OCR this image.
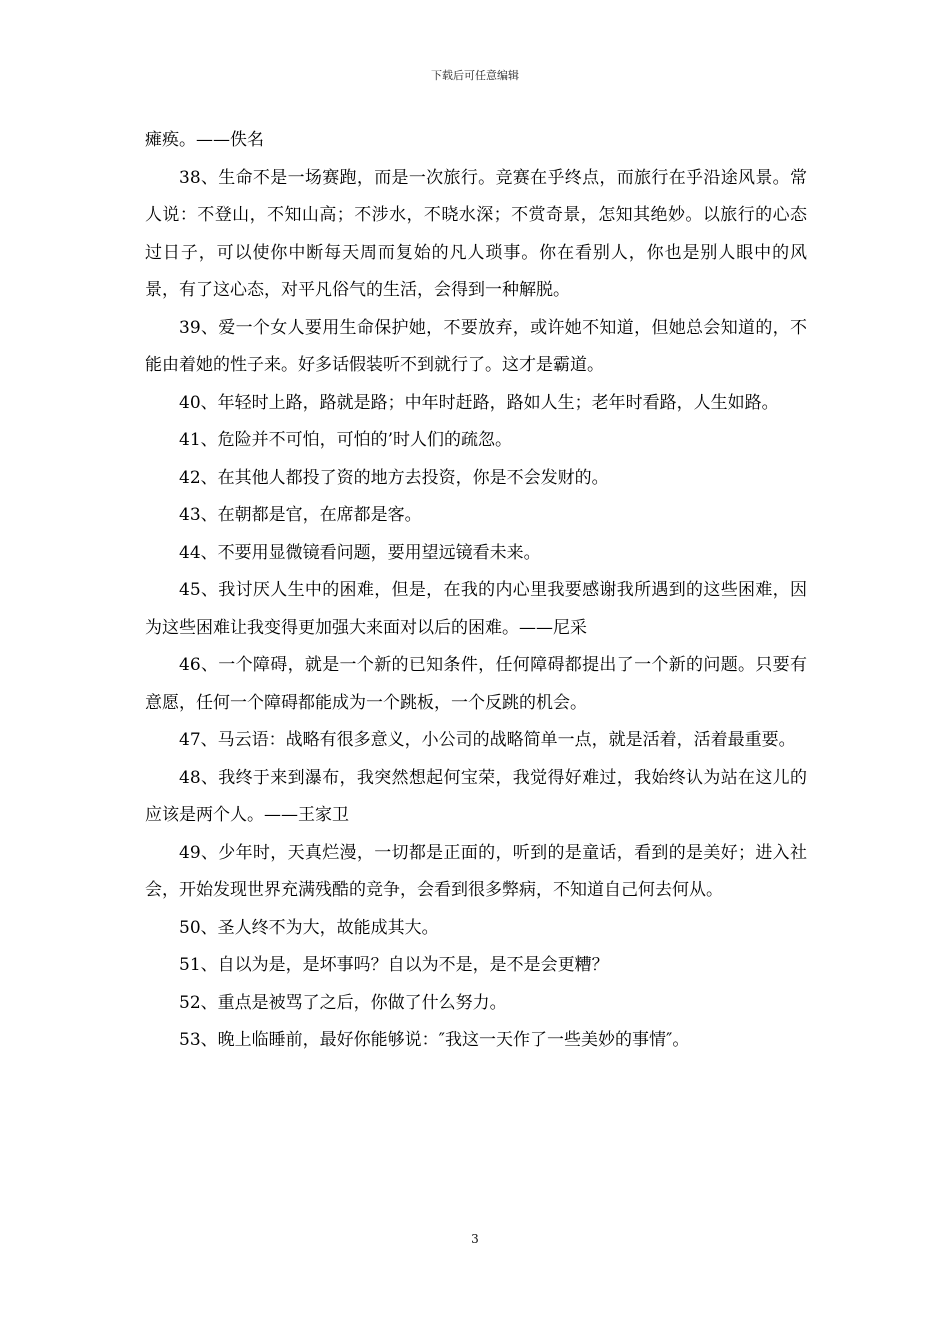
下载后可任意编辑

瘫痪。——佚名

38、生命不是一场赛跑，而是一次旅行。竞赛在乎终点，而旅行在乎沿途风景。常人说：不登山，不知山高；不涉水，不晓水深；不赏奇景，怎知其绝妙。以旅行的心态过日子，可以使你中断每天周而复始的凡人琐事。你在看别人，你也是别人眼中的风景，有了这心态，对平凡俗气的生活，会得到一种解脱。

39、爱一个女人要用生命保护她，不要放弃，或许她不知道，但她总会知道的，不能由着她的性子来。好多话假装听不到就行了。这才是霸道。

40、年轻时上路，路就是路；中年时赶路，路如人生；老年时看路，人生如路。

41、危险并不可怕，可怕的’时人们的疏忽。

42、在其他人都投了资的地方去投资，你是不会发财的。

43、在朝都是官，在席都是客。

44、不要用显微镜看问题，要用望远镜看未来。

45、我讨厌人生中的困难，但是，在我的内心里我要感谢我所遇到的这些困难，因为这些困难让我变得更加强大来面对以后的困难。——尼采

46、一个障碍，就是一个新的已知条件，任何障碍都提出了一个新的问题。只要有意愿，任何一个障碍都能成为一个跳板，一个反跳的机会。

47、马云语：战略有很多意义，小公司的战略简单一点，就是活着，活着最重要。

48、我终于来到瀑布，我突然想起何宝荣，我觉得好难过，我始终认为站在这儿的应该是两个人。——王家卫

49、少年时，天真烂漫，一切都是正面的，听到的是童话，看到的是美好；进入社会，开始发现世界充满残酷的竞争，会看到很多弊病，不知道自己何去何从。

50、圣人终不为大，故能成其大。

51、自以为是，是坏事吗？自以为不是，是不是会更糟？

52、重点是被骂了之后，你做了什么努力。

53、晚上临睡前，最好你能够说：″我这一天作了一些美妙的事情″。

3
